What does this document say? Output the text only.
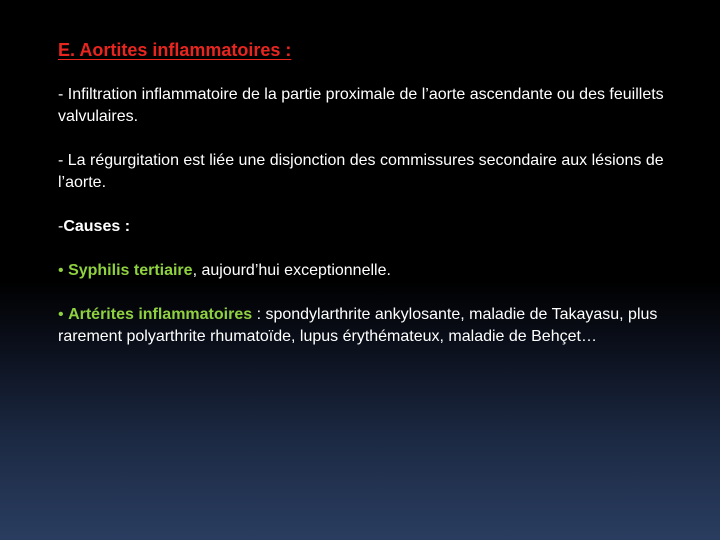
E. Aortites inflammatoires :

- Infiltration inflammatoire de la partie proximale de l’aorte ascendante ou des feuillets valvulaires.

- La régurgitation est liée une disjonction des commissures secondaire aux lésions de l’aorte.

-Causes :

• Syphilis tertiaire, aujourd’hui exceptionnelle.

• Artérites inflammatoires : spondylarthrite ankylosante, maladie de Takayasu, plus rarement polyarthrite rhumatoïde, lupus érythémateux, maladie de Behçet…
